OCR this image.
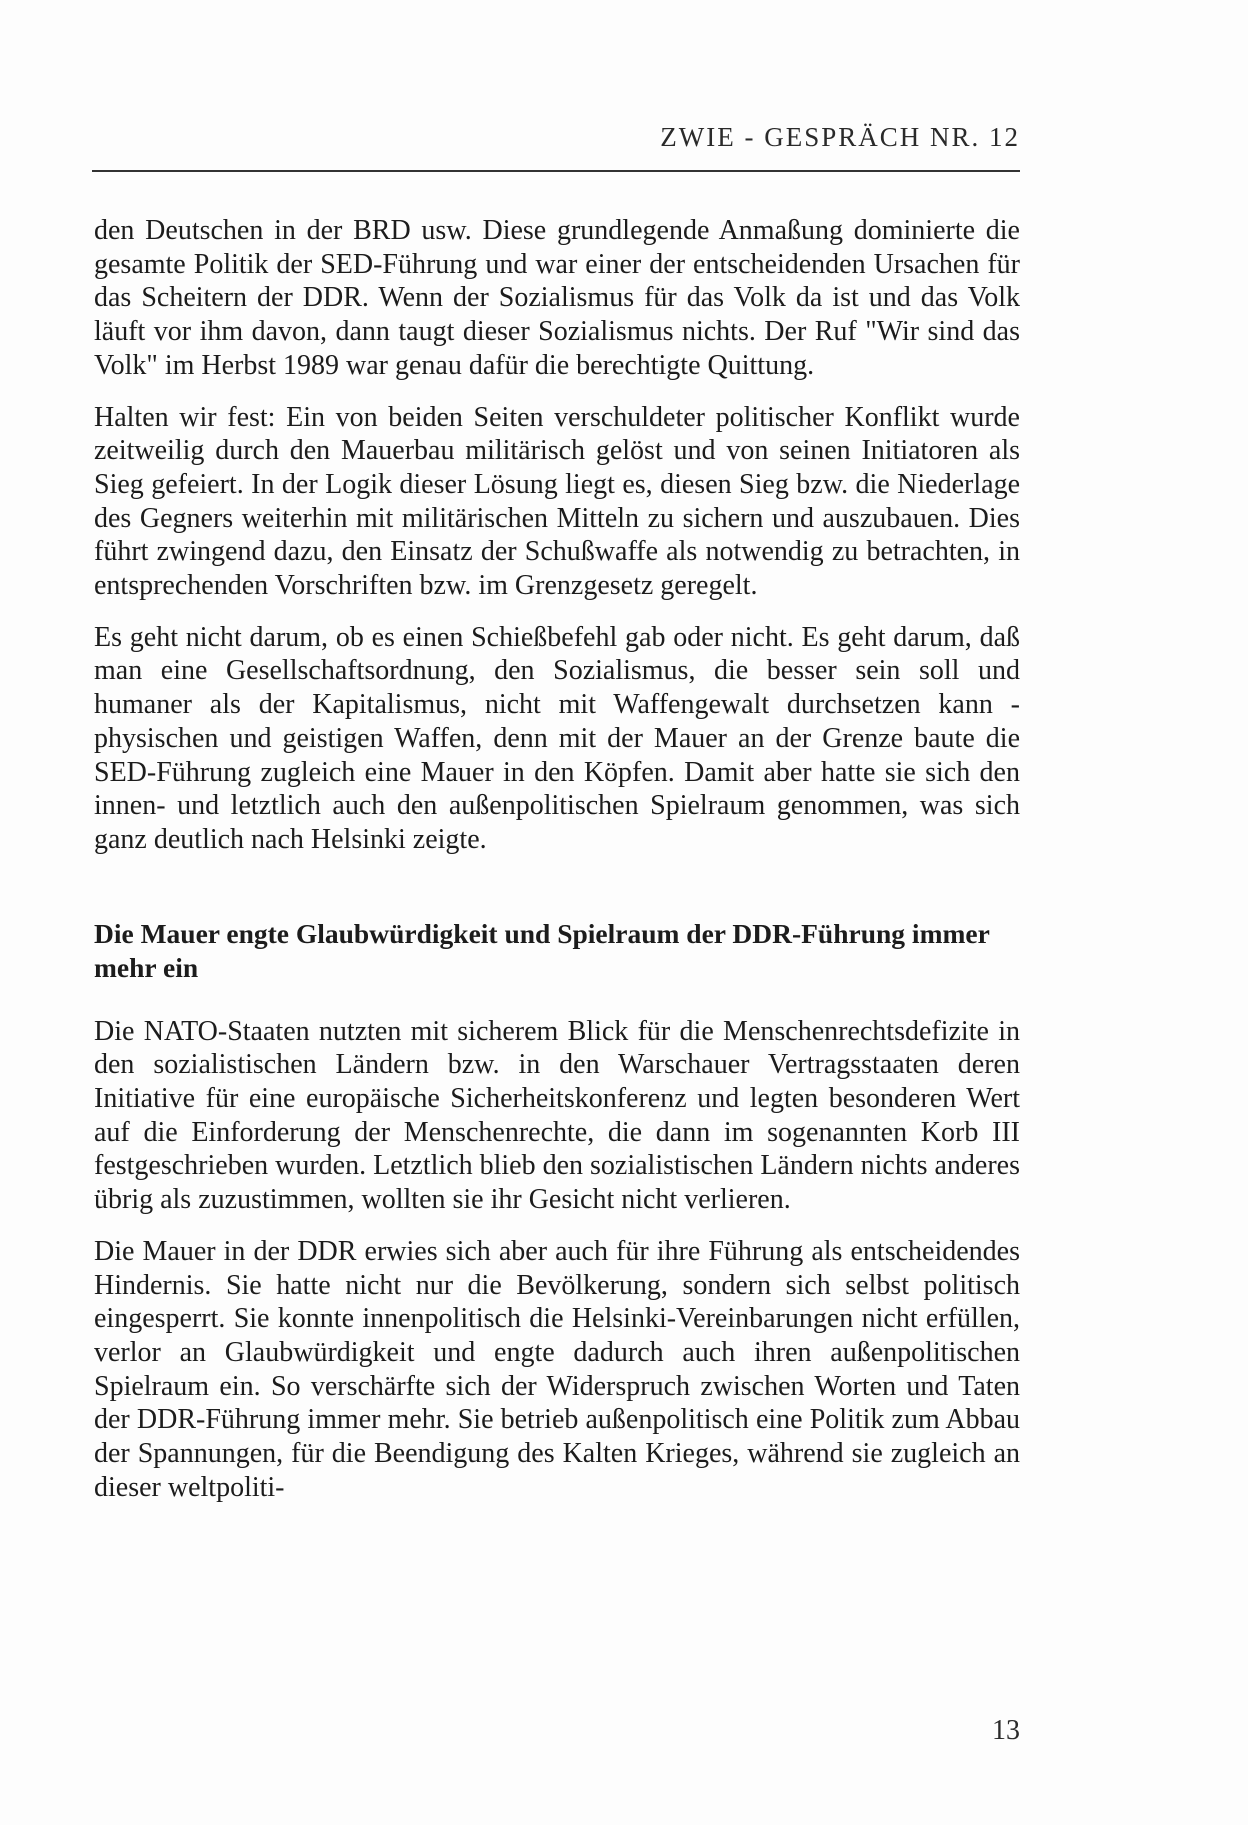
ZWIE - GESPRÄCH NR. 12

den Deutschen in der BRD usw. Diese grundlegende Anmaßung dominierte die gesamte Politik der SED-Führung und war einer der entscheidenden Ursachen für das Scheitern der DDR. Wenn der Sozialismus für das Volk da ist und das Volk läuft vor ihm davon, dann taugt dieser Sozialismus nichts. Der Ruf "Wir sind das Volk" im Herbst 1989 war genau dafür die berechtigte Quittung.

Halten wir fest: Ein von beiden Seiten verschuldeter politischer Konflikt wurde zeitweilig durch den Mauerbau militärisch gelöst und von seinen Initiatoren als Sieg gefeiert. In der Logik dieser Lösung liegt es, diesen Sieg bzw. die Niederlage des Gegners weiterhin mit militärischen Mitteln zu sichern und auszubauen. Dies führt zwingend dazu, den Einsatz der Schußwaffe als notwendig zu betrachten, in entsprechenden Vorschriften bzw. im Grenzgesetz geregelt.

Es geht nicht darum, ob es einen Schießbefehl gab oder nicht. Es geht darum, daß man eine Gesellschaftsordnung, den Sozialismus, die besser sein soll und humaner als der Kapitalismus, nicht mit Waffengewalt durchsetzen kann - physischen und geistigen Waffen, denn mit der Mauer an der Grenze baute die SED-Führung zugleich eine Mauer in den Köpfen. Damit aber hatte sie sich den innen- und letztlich auch den außenpolitischen Spielraum genommen, was sich ganz deutlich nach Helsinki zeigte.

Die Mauer engte Glaubwürdigkeit und Spielraum der DDR-Führung immer mehr ein

Die NATO-Staaten nutzten mit sicherem Blick für die Menschenrechtsdefizite in den sozialistischen Ländern bzw. in den Warschauer Vertragsstaaten deren Initiative für eine europäische Sicherheitskonferenz und legten besonderen Wert auf die Einforderung der Menschenrechte, die dann im sogenannten Korb III festgeschrieben wurden. Letztlich blieb den sozialistischen Ländern nichts anderes übrig als zuzustimmen, wollten sie ihr Gesicht nicht verlieren.

Die Mauer in der DDR erwies sich aber auch für ihre Führung als entscheidendes Hindernis. Sie hatte nicht nur die Bevölkerung, sondern sich selbst politisch eingesperrt. Sie konnte innenpolitisch die Helsinki-Vereinbarungen nicht erfüllen, verlor an Glaubwürdigkeit und engte dadurch auch ihren außenpolitischen Spielraum ein. So verschärfte sich der Widerspruch zwischen Worten und Taten der DDR-Führung immer mehr. Sie betrieb außenpolitisch eine Politik zum Abbau der Spannungen, für die Beendigung des Kalten Krieges, während sie zugleich an dieser weltpoliti-

13
